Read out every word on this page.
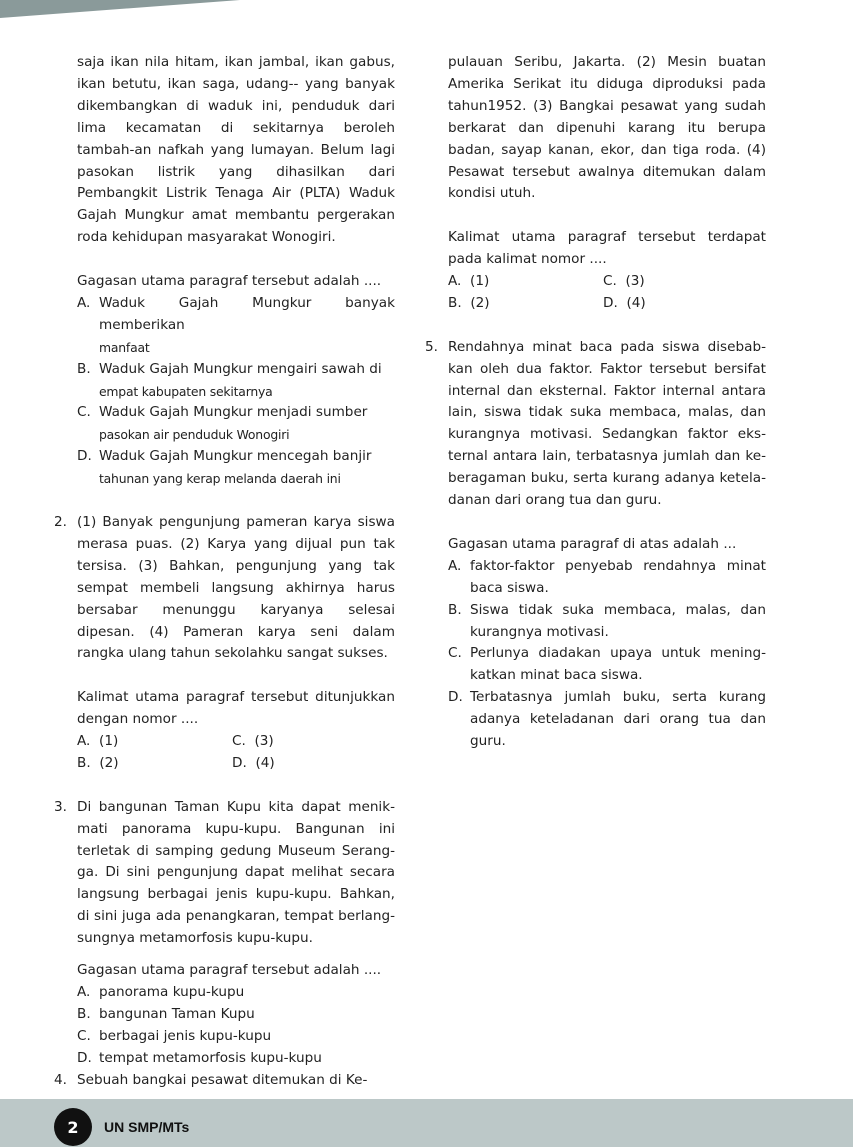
saja ikan nila hitam, ikan jambal, ikan gabus, ikan betutu, ikan saga, udang-- yang banyak dikembangkan di waduk ini, penduduk dari lima kecamatan di sekitarnya beroleh tambah-an nafkah yang lumayan. Belum lagi pasokan listrik yang dihasilkan dari Pembangkit Listrik Tenaga Air (PLTA) Waduk Gajah Mungkur amat membantu pergerakan roda kehidupan masyarakat Wonogiri.

Gagasan utama paragraf tersebut adalah ....

A. Waduk Gajah Mungkur banyak memberikan
manfaat
B. Waduk Gajah Mungkur mengairi sawah di
empat kabupaten sekitarnya
C. Waduk Gajah Mungkur menjadi sumber
pasokan air penduduk Wonogiri
D. Waduk Gajah Mungkur mencegah banjir
tahunan yang kerap melanda daerah ini
2. (1) Banyak pengunjung pameran karya siswa merasa puas. (2) Karya yang dijual pun tak tersisa. (3) Bahkan, pengunjung yang tak sempat membeli langsung akhirnya harus bersabar menunggu karyanya selesai dipesan. (4) Pameran karya seni dalam rangka ulang tahun sekolahku sangat sukses.

Kalimat utama paragraf tersebut ditunjukkan dengan nomor ....

A. (1)	C. (3)
B. (2)	D. (4)
3. Di bangunan Taman Kupu kita dapat menik-mati panorama kupu-kupu. Bangunan ini terletak di samping gedung Museum Serang-ga. Di sini pengunjung dapat melihat secara langsung berbagai jenis kupu-kupu. Bahkan, di sini juga ada penangkaran, tempat berlang-sungnya metamorfosis kupu-kupu.

Gagasan utama paragraf tersebut adalah ....

A. panorama kupu-kupu
B. bangunan Taman Kupu
C. berbagai jenis kupu-kupu
D. tempat metamorfosis kupu-kupu
4. Sebuah bangkai pesawat ditemukan di Ke-

pulauan Seribu, Jakarta. (2) Mesin buatan Amerika Serikat itu diduga diproduksi pada tahun1952. (3) Bangkai pesawat yang sudah berkarat dan dipenuhi karang itu berupa badan, sayap kanan, ekor, dan tiga roda. (4) Pesawat tersebut awalnya ditemukan dalam kondisi utuh.

Kalimat utama paragraf tersebut terdapat pada kalimat nomor ....

A. (1)	C. (3)
B. (2)	D. (4)
5. Rendahnya minat baca pada siswa disebab-kan oleh dua faktor. Faktor tersebut bersifat internal dan eksternal. Faktor internal antara lain, siswa tidak suka membaca, malas, dan kurangnya motivasi. Sedangkan faktor eks-ternal antara lain, terbatasnya jumlah dan ke-beragaman buku, serta kurang adanya ketela-danan dari orang tua dan guru.

Gagasan utama paragraf di atas adalah ...

A. faktor-faktor penyebab rendahnya minat baca siswa.
B. Siswa tidak suka membaca, malas, dan kurangnya motivasi.
C. Perlunya diadakan upaya untuk mening-katkan minat baca siswa.
D. Terbatasnya jumlah buku, serta kurang adanya keteladanan dari orang tua dan guru.
2 UN SMP/MTs
